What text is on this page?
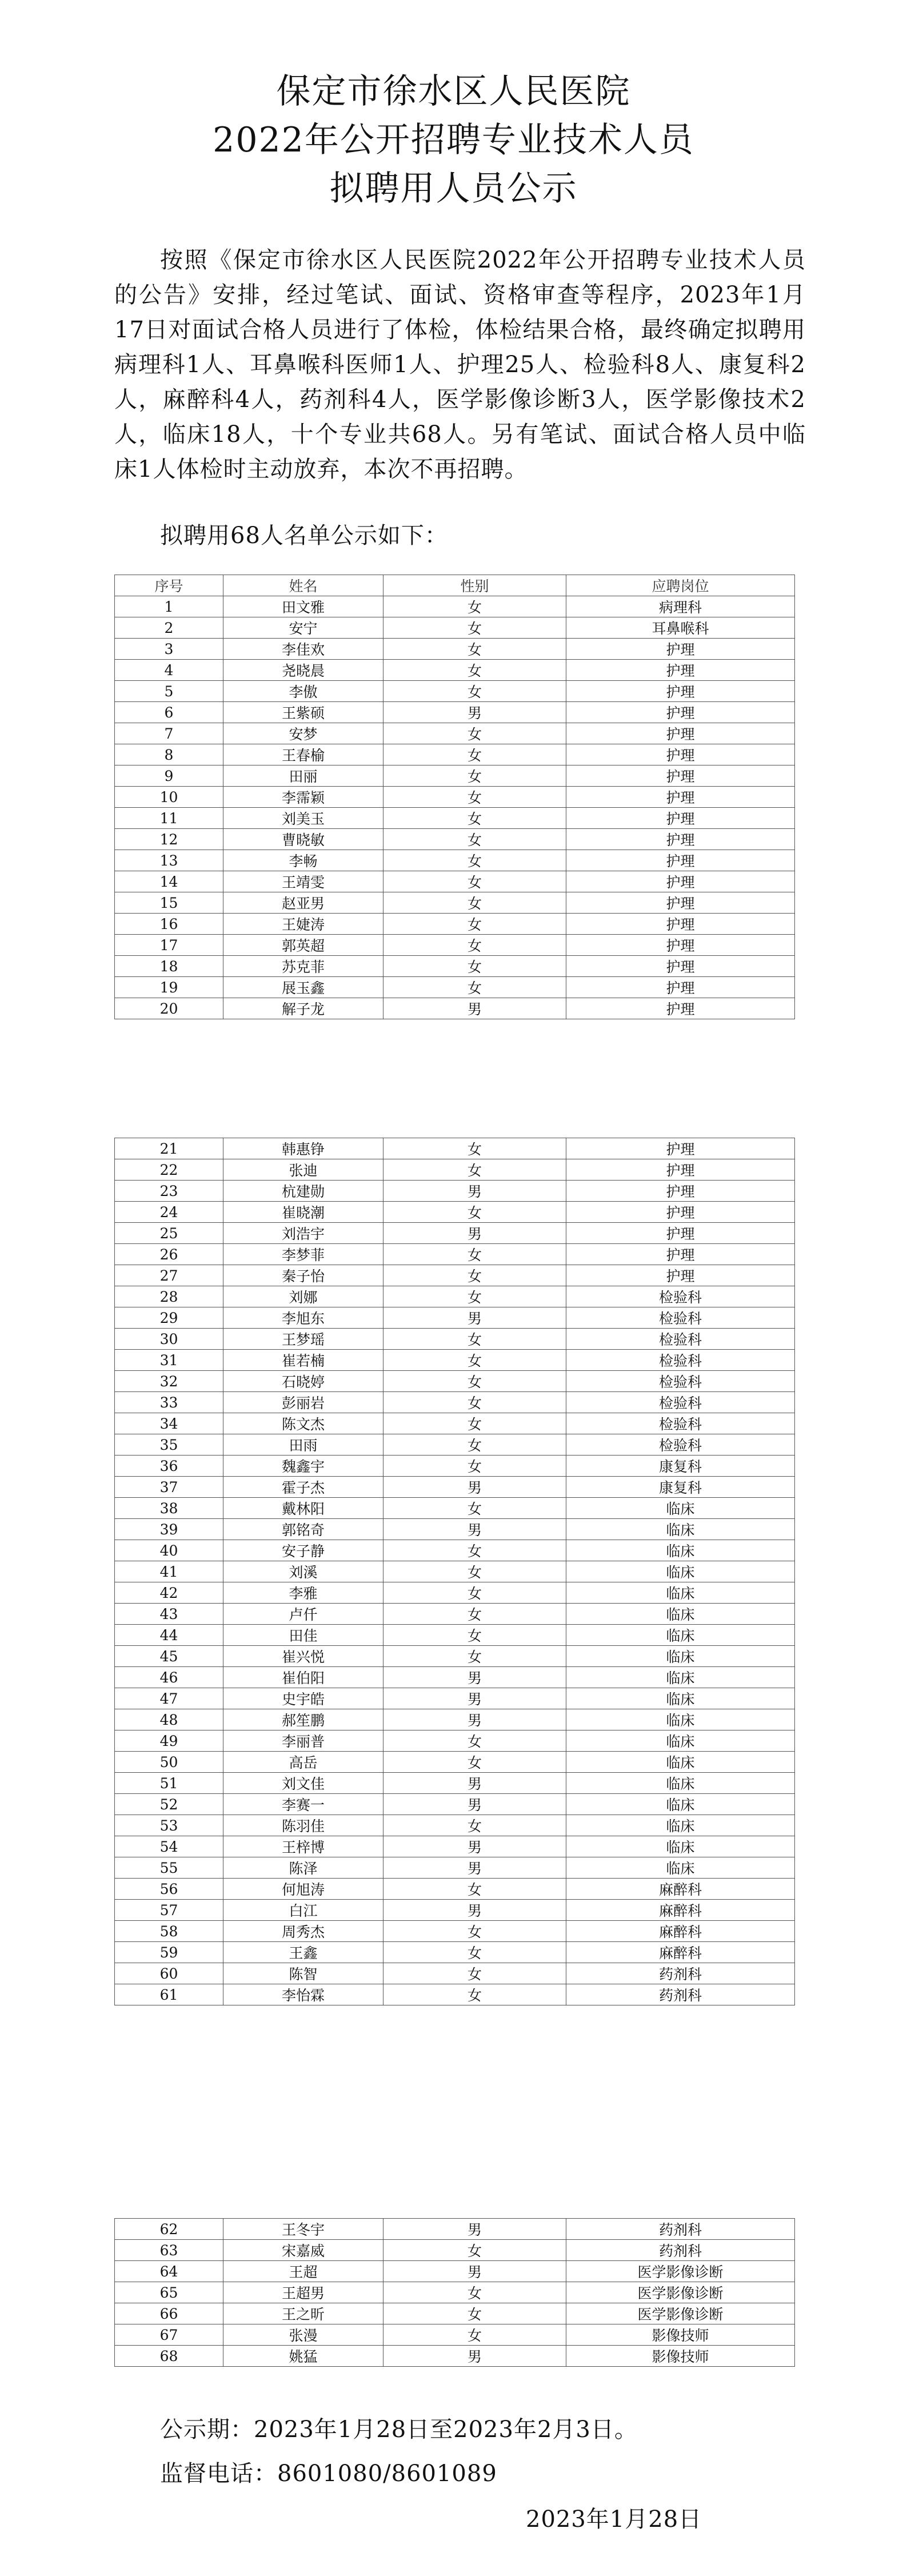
保定市徐水区人民医院
2022年公开招聘专业技术人员
拟聘用人员公示
按照《保定市徐水区人民医院2022年公开招聘专业技术人员的公告》安排，经过笔试、面试、资格审查等程序，2023年1月17日对面试合格人员进行了体检，体检结果合格，最终确定拟聘用病理科1人、耳鼻喉科医师1人、护理25人、检验科8人、康复科2人，麻醉科4人，药剂科4人，医学影像诊断3人，医学影像技术2人，临床18人，十个专业共68人。另有笔试、面试合格人员中临床1人体检时主动放弃，本次不再招聘。
拟聘用68人名单公示如下：
序号	姓名	性别	应聘岗位
1	田文雅	女	病理科
2	安宁	女	耳鼻喉科
3	李佳欢	女	护理
4	尧晓晨	女	护理
5	李傲	女	护理
6	王紫硕	男	护理
7	安梦	女	护理
8	王春榆	女	护理
9	田丽	女	护理
10	李霈颖	女	护理
11	刘美玉	女	护理
12	曹晓敏	女	护理
13	李畅	女	护理
14	王靖雯	女	护理
15	赵亚男	女	护理
16	王婕涛	女	护理
17	郭英超	女	护理
18	苏克菲	女	护理
19	展玉鑫	女	护理
20	解子龙	男	护理
21	韩惠铮	女	护理
22	张迪	女	护理
23	杭建勋	男	护理
24	崔晓潮	女	护理
25	刘浩宇	男	护理
26	李梦菲	女	护理
27	秦子怡	女	护理
28	刘娜	女	检验科
29	李旭东	男	检验科
30	王梦瑶	女	检验科
31	崔若楠	女	检验科
32	石晓婷	女	检验科
33	彭丽岩	女	检验科
34	陈文杰	女	检验科
35	田雨	女	检验科
36	魏鑫宇	女	康复科
37	霍子杰	男	康复科
38	戴林阳	女	临床
39	郭铭奇	男	临床
40	安子静	女	临床
41	刘溪	女	临床
42	李雅	女	临床
43	卢仟	女	临床
44	田佳	女	临床
45	崔兴悦	女	临床
46	崔伯阳	男	临床
47	史宇皓	男	临床
48	郝笙鹏	男	临床
49	李丽普	女	临床
50	高岳	女	临床
51	刘文佳	男	临床
52	李赛一	男	临床
53	陈羽佳	女	临床
54	王梓博	男	临床
55	陈泽	男	临床
56	何旭涛	女	麻醉科
57	白江	男	麻醉科
58	周秀杰	女	麻醉科
59	王鑫	女	麻醉科
60	陈智	女	药剂科
61	李怡霖	女	药剂科
62	王冬宇	男	药剂科
63	宋嘉威	女	药剂科
64	王超	男	医学影像诊断
65	王超男	女	医学影像诊断
66	王之昕	女	医学影像诊断
67	张漫	女	影像技师
68	姚猛	男	影像技师
公示期：2023年1月28日至2023年2月3日。
监督电话：8601080/8601089
2023年1月28日
